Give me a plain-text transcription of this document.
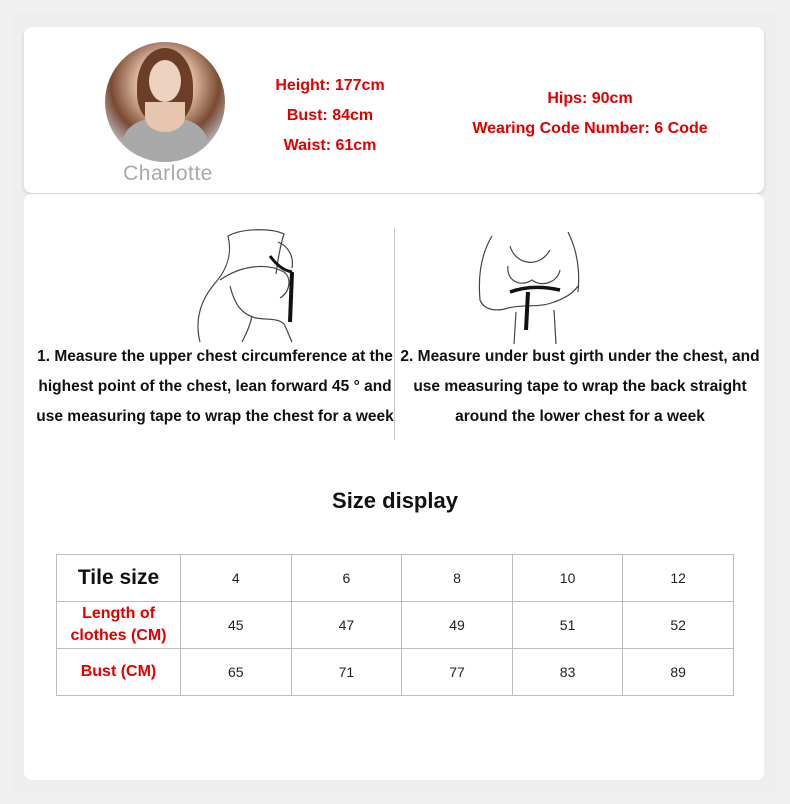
Charlotte
Height: 177cm
Bust: 84cm
Waist: 61cm
Hips: 90cm
Wearing Code Number: 6 Code
1. Measure the upper chest circumference at the highest point of the chest, lean forward 45 ° and use measuring tape to wrap the chest for a week
2. Measure under bust girth under the chest, and use measuring tape to wrap the back straight around the lower chest for a week
Size display
Tile size	4	6	8	10	12
Length of clothes (CM)	45	47	49	51	52
Bust (CM)	65	71	77	83	89
